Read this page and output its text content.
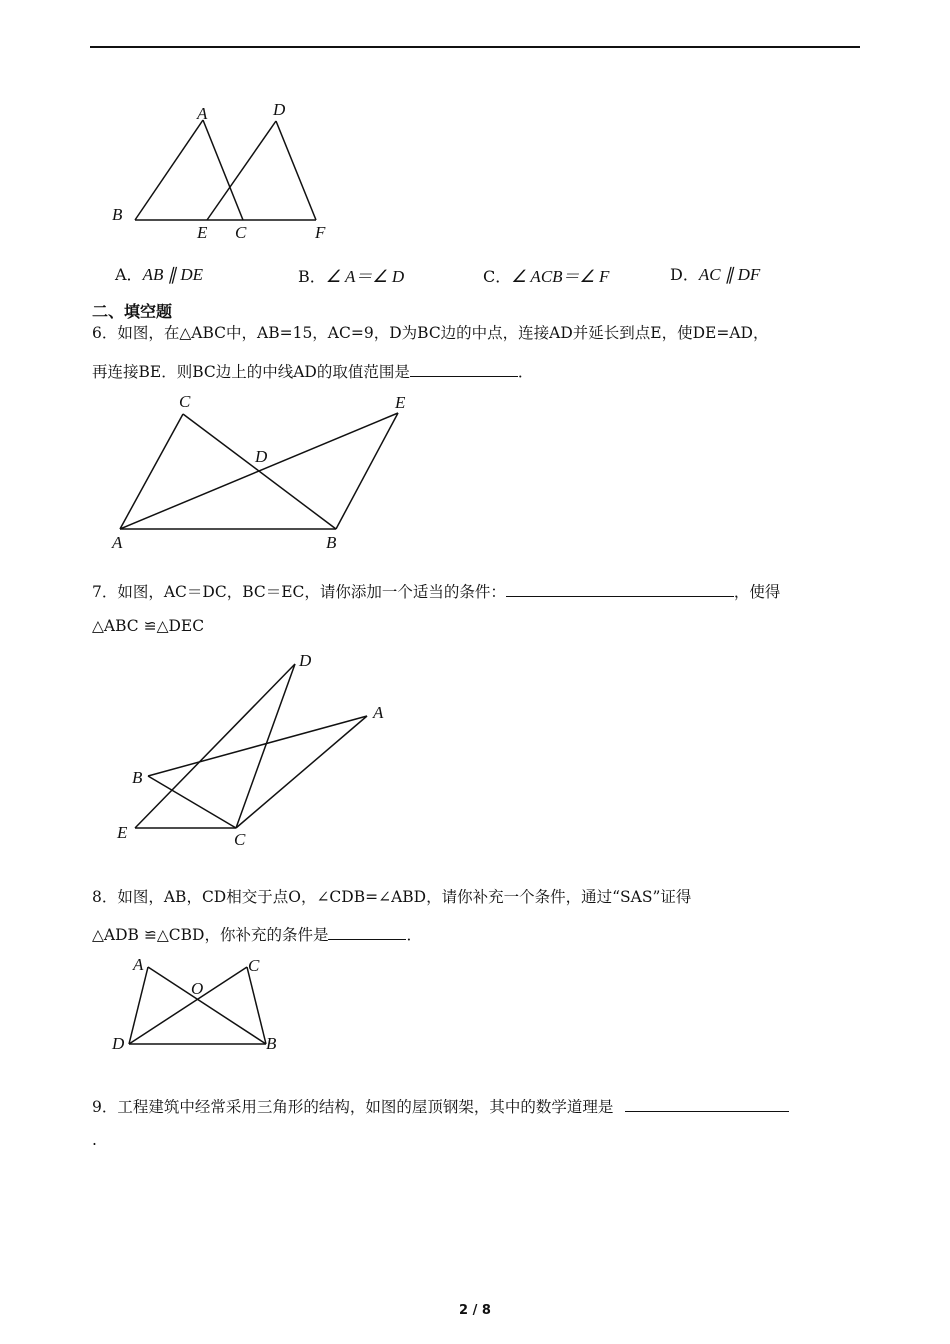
A	D
B
E C	F
A．AB ∥ DE	B．∠ A＝∠ D	C．∠ ACB＝∠ F	D．AC ∥ DF
二、填空题
6．如图，在△ABC中，AB=15，AC=9，D为BC边的中点，连接AD并延长到点E，使DE=AD，
再连接BE．则BC边上的中线AD的取值范围是	．
C	E
D
A	B
7．如图，AC＝DC，BC＝EC，请你添加一个适当的条件：	，使得
△ABC ≌△DEC
D
A
B
E	C
8．如图，AB，CD相交于点O，∠CDB=∠ABD，请你补充一个条件，通过“SAS”证得
△ADB ≌△CBD，你补充的条件是	．
A	C
O
D	B
9．工程建筑中经常采用三角形的结构，如图的屋顶钢架，其中的数学道理是
.
2 / 8
